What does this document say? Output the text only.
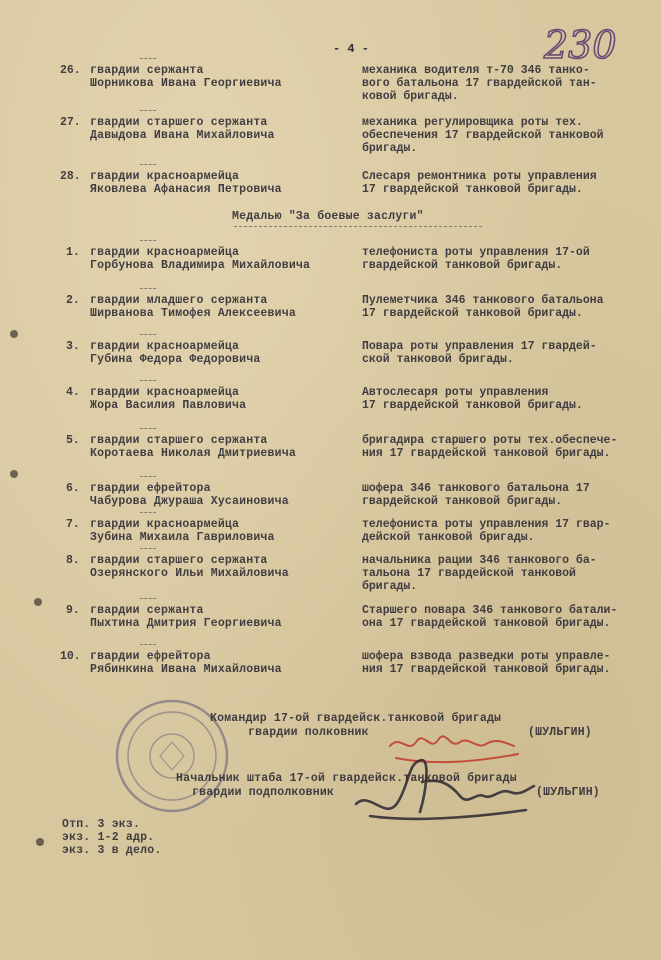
230
- 4 -
26. гвардии сержанта
Шорникова Ивана Георгиевича
механика водителя т-70 346 танко-
вого батальона 17 гвардейской тан-
ковой бригады.
27. гвардии старшего сержанта
Давыдова Ивана Михайловича
механика регулировщика роты тех.
обеспечения 17 гвардейской танковой
бригады.
28. гвардии красноармейца
Яковлева Афанасия Петровича
Слесаря ремонтника роты управления
17 гвардейской танковой бригады.
Медалью "За боевые заслуги"
1. гвардии красноармейца
Горбунова Владимира Михайловича
телефониста роты управления 17-ой
гвардейской танковой бригады.
2. гвардии младшего сержанта
Ширванова Тимофея Алексеевича
Пулеметчика 346 танкового батальона
17 гвардейской танковой бригады.
3. гвардии красноармейца
Губина Федора Федоровича
Повара роты управления 17 гвардей-
ской танковой бригады.
4. гвардии красноармейца
Жора Василия Павловича
Автослесаря роты управления
17 гвардейской танковой бригады.
5. гвардии старшего сержанта
Коротаева Николая Дмитриевича
бригадира старшего роты тех.обеспече-
ния 17 гвардейской танковой бригады.
6. гвардии ефрейтора
Чабурова Джураша Хусаиновича
шофера 346 танкового батальона 17
гвардейской танковой бригады.
7. гвардии красноармейца
Зубина Михаила Гавриловича
телефониста роты управления 17 гвар-
дейской танковой бригады.
8. гвардии старшего сержанта
Озерянского Ильи Михайловича
начальника рации 346 танкового ба-
тальона 17 гвардейской танковой
бригады.
9. гвардии сержанта
Пыхтина Дмитрия Георгиевича
Старшего повара 346 танкового батали-
она 17 гвардейской танковой бригады.
10. гвардии ефрейтора
Рябинкина Ивана Михайловича
шофера взвода разведки роты управле-
ния 17 гвардейской танковой бригады.
Командир 17-ой гвардейск.танковой бригады
гвардии полковник	(ШУЛЬГИН)
Начальник штаба 17-ой гвардейск.танковой бригады
гвардии подполковник	(ШУЛЬГИН)
Отп. 3 экз.
экз. 1-2 адр.
экз. 3 в дело.
